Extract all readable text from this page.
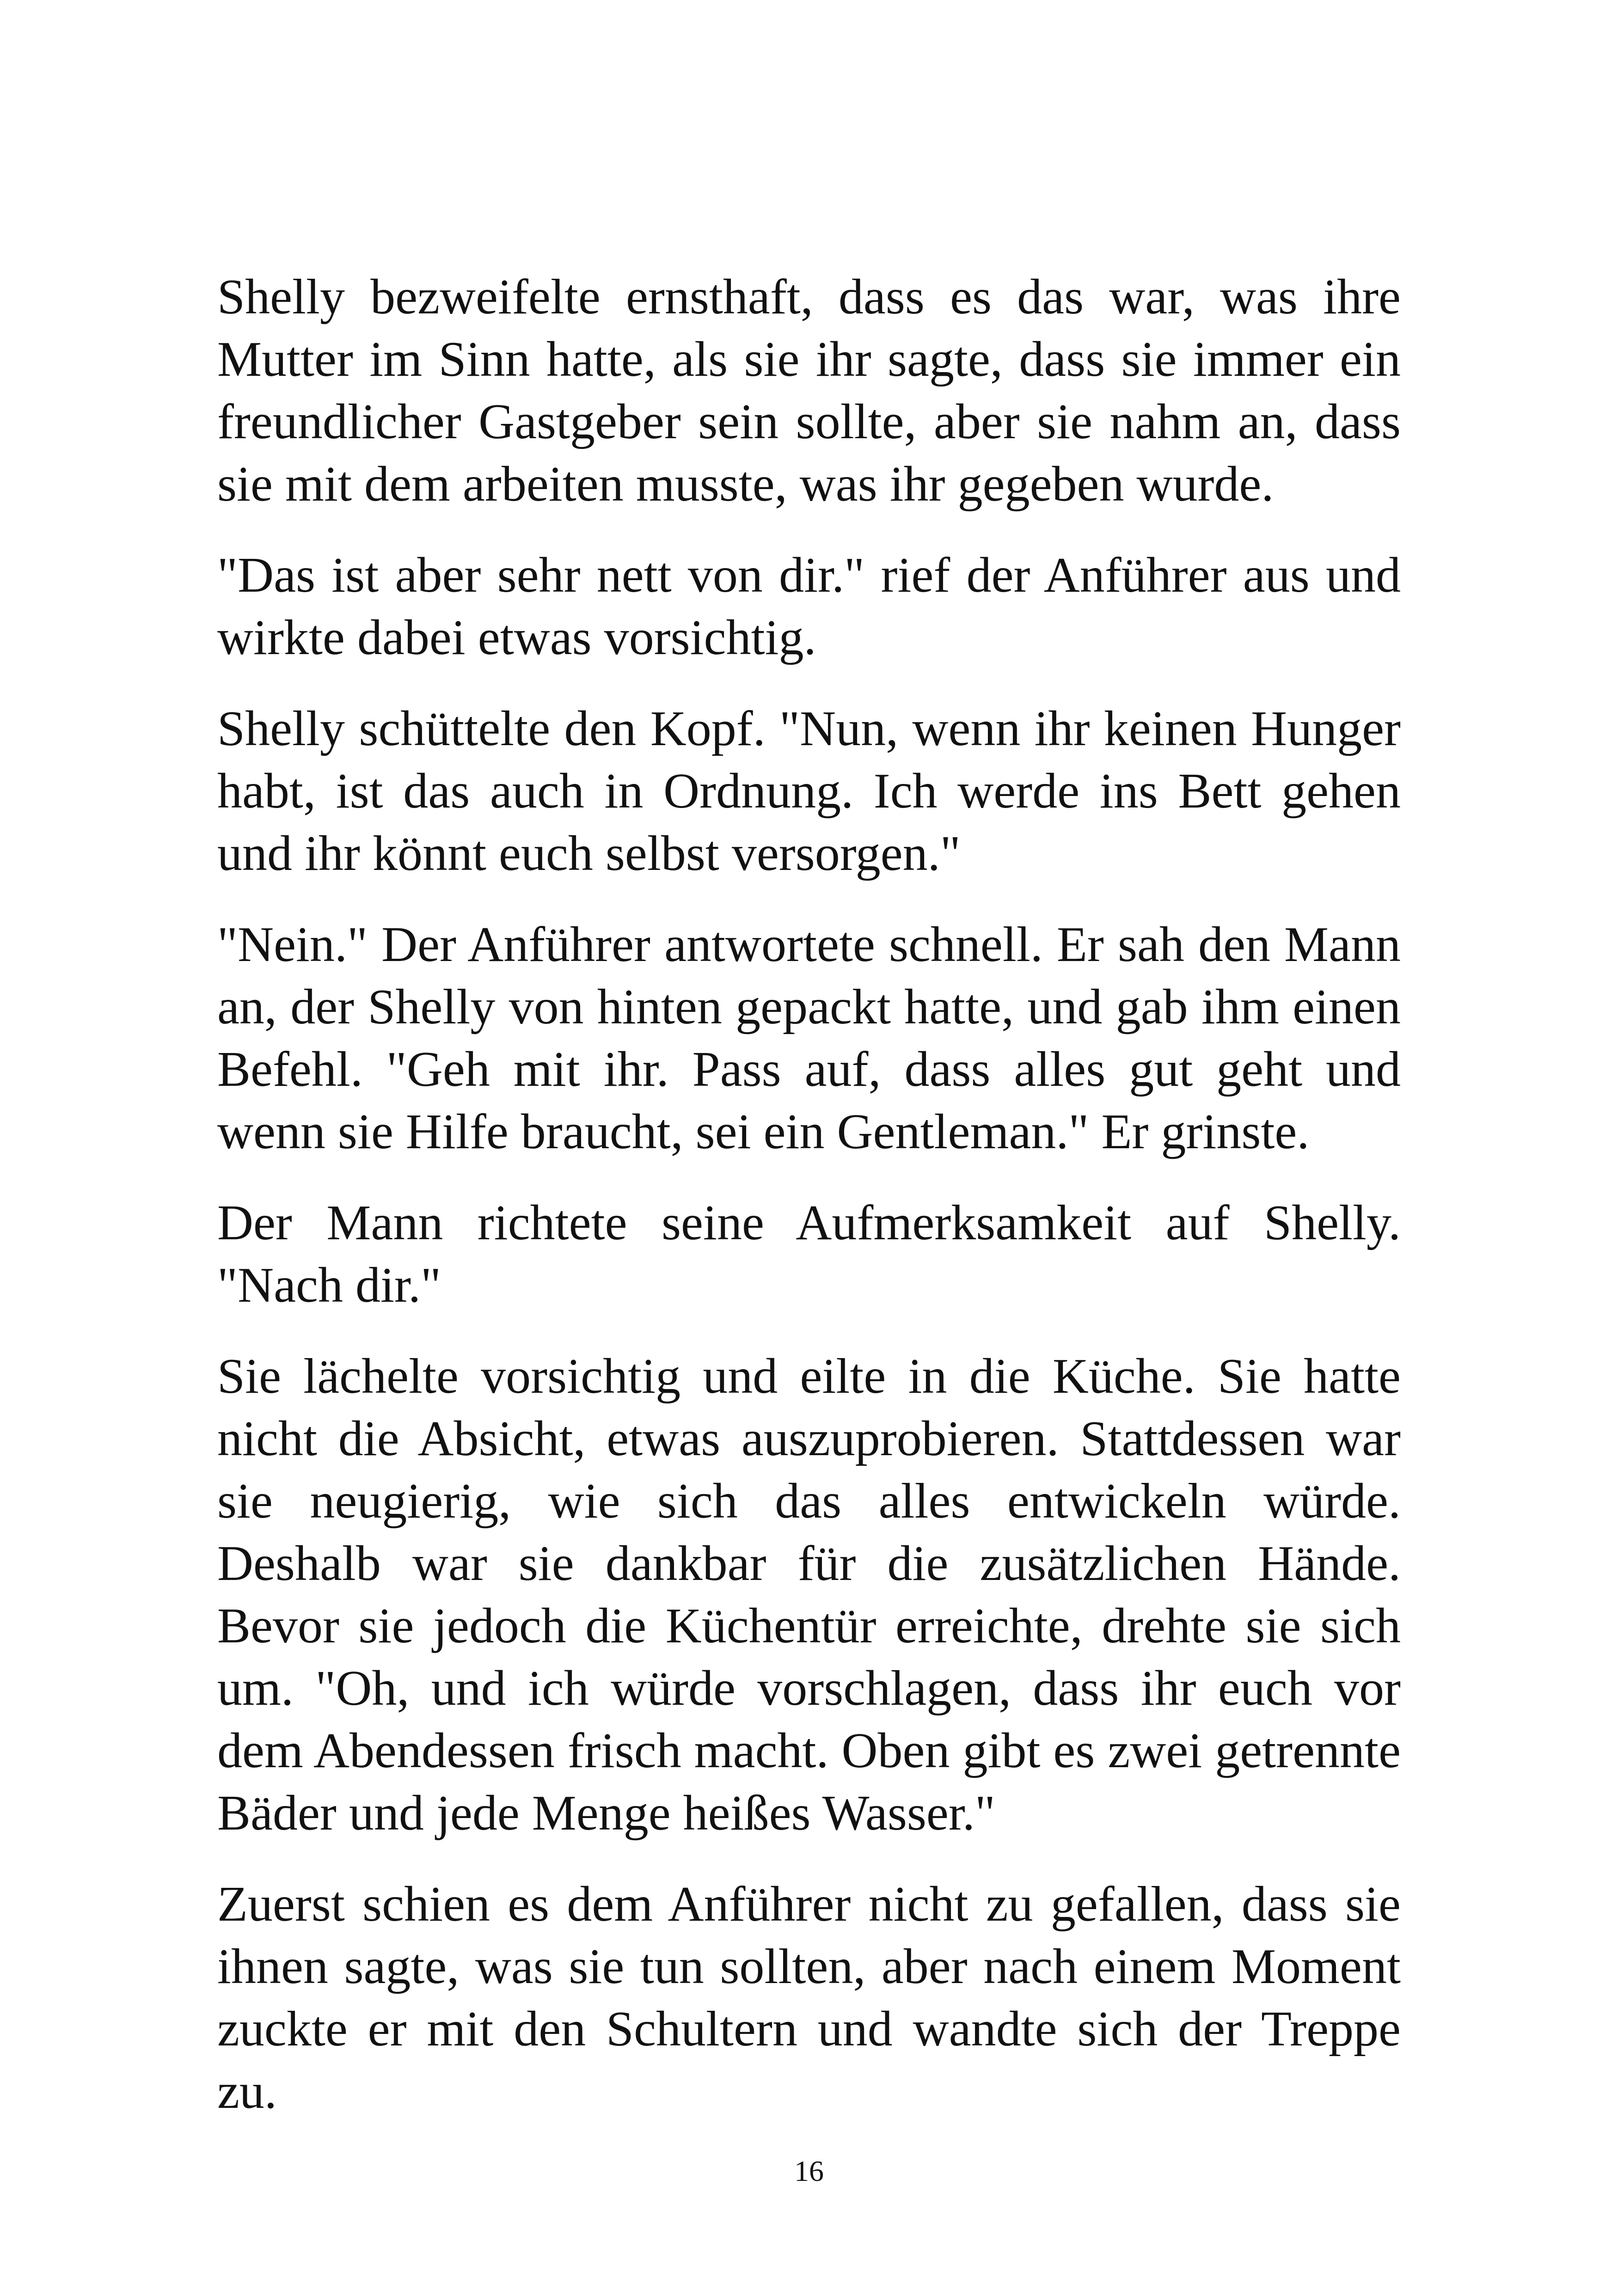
Shelly bezweifelte ernsthaft, dass es das war, was ihre Mutter im Sinn hatte, als sie ihr sagte, dass sie immer ein freundlicher Gastgeber sein sollte, aber sie nahm an, dass sie mit dem arbeiten musste, was ihr gegeben wurde.

"Das ist aber sehr nett von dir." rief der Anführer aus und wirkte dabei etwas vorsichtig.

Shelly schüttelte den Kopf. "Nun, wenn ihr keinen Hunger habt, ist das auch in Ordnung. Ich werde ins Bett gehen und ihr könnt euch selbst versorgen."

"Nein." Der Anführer antwortete schnell. Er sah den Mann an, der Shelly von hinten gepackt hatte, und gab ihm einen Befehl. "Geh mit ihr. Pass auf, dass alles gut geht und wenn sie Hilfe braucht, sei ein Gentleman." Er grinste.

Der Mann richtete seine Aufmerksamkeit auf Shelly. "Nach dir."

Sie lächelte vorsichtig und eilte in die Küche. Sie hatte nicht die Absicht, etwas auszuprobieren. Stattdessen war sie neugierig, wie sich das alles entwickeln würde. Deshalb war sie dankbar für die zusätzlichen Hände. Bevor sie jedoch die Küchentür erreichte, drehte sie sich um. "Oh, und ich würde vorschlagen, dass ihr euch vor dem Abendessen frisch macht. Oben gibt es zwei getrennte Bäder und jede Menge heißes Wasser."

Zuerst schien es dem Anführer nicht zu gefallen, dass sie ihnen sagte, was sie tun sollten, aber nach einem Moment zuckte er mit den Schultern und wandte sich der Treppe zu.

16
